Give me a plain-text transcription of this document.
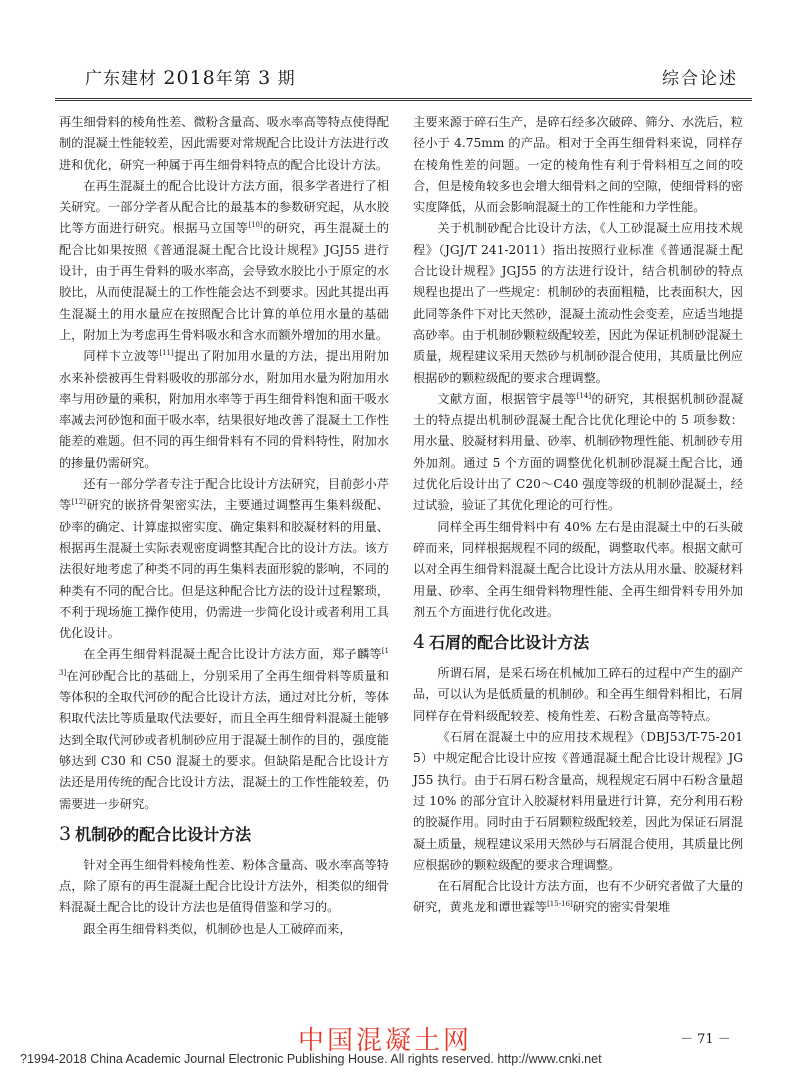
广东建材 2018年第 3 期	综合论述

再生细骨料的棱角性差、微粉含量高、吸水率高等特点使得配制的混凝土性能较差，因此需要对常规配合比设计方法进行改进和优化，研究一种属于再生细骨料特点的配合比设计方法。

在再生混凝土的配合比设计方法方面，很多学者进行了相关研究。一部分学者从配合比的最基本的参数研究起，从水胶比等方面进行研究。根据马立国等[10]的研究，再生混凝土的配合比如果按照《普通混凝土配合比设计规程》JGJ55 进行设计，由于再生骨料的吸水率高，会导致水胶比小于原定的水胶比，从而使混凝土的工作性能会达不到要求。因此其提出再生混凝土的用水量应在按照配合比计算的单位用水量的基础上，附加上为考虑再生骨料吸水和含水而额外增加的用水量。

同样卞立波等[11]提出了附加用水量的方法，提出用附加水来补偿被再生骨料吸收的那部分水，附加用水量为附加用水率与用砂量的乘积，附加用水率等于再生细骨料饱和面干吸水率减去河砂饱和面干吸水率，结果很好地改善了混凝土工作性能差的难题。但不同的再生细骨料有不同的骨料特性，附加水的掺量仍需研究。

还有一部分学者专注于配合比设计方法研究，目前彭小芹等[12]研究的嵌挤骨架密实法，主要通过调整再生集料级配、砂率的确定、计算虚拟密实度、确定集料和胶凝材料的用量、根据再生混凝土实际表观密度调整其配合比的设计方法。该方法很好地考虑了种类不同的再生集料表面形貌的影响，不同的种类有不同的配合比。但是这种配合比方法的设计过程繁琐，不利于现场施工操作使用，仍需进一步简化设计或者利用工具优化设计。

在全再生细骨料混凝土配合比设计方法方面，郑子麟等[13]在河砂配合比的基础上，分别采用了全再生细骨料等质量和等体积的全取代河砂的配合比设计方法，通过对比分析，等体积取代法比等质量取代法要好，而且全再生细骨料混凝土能够达到全取代河砂或者机制砂应用于混凝土制作的目的，强度能够达到 C30 和 C50 混凝土的要求。但缺陷是配合比设计方法还是用传统的配合比设计方法，混凝土的工作性能较差，仍需要进一步研究。

3 机制砂的配合比设计方法

针对全再生细骨料棱角性差、粉体含量高、吸水率高等特点，除了原有的再生混凝土配合比设计方法外，相类似的细骨料混凝土配合比的设计方法也是值得借鉴和学习的。

跟全再生细骨料类似，机制砂也是人工破碎而来，

主要来源于碎石生产，是碎石经多次破碎、筛分、水洗后，粒径小于 4.75mm 的产品。相对于全再生细骨料来说，同样存在棱角性差的问题。一定的棱角性有利于骨料相互之间的咬合，但是棱角较多也会增大细骨料之间的空隙，使细骨料的密实度降低，从而会影响混凝土的工作性能和力学性能。

关于机制砂配合比设计方法，《人工砂混凝土应用技术规程》（JGJ/T 241-2011）指出按照行业标准《普通混凝土配合比设计规程》JGJ55 的方法进行设计，结合机制砂的特点规程也提出了一些规定：机制砂的表面粗糙，比表面积大，因此同等条件下对比天然砂，混凝土流动性会变差，应适当地提高砂率。由于机制砂颗粒级配较差，因此为保证机制砂混凝土质量，规程建议采用天然砂与机制砂混合使用，其质量比例应根据砂的颗粒级配的要求合理调整。

文献方面，根据管宇晨等[14]的研究，其根据机制砂混凝土的特点提出机制砂混凝土配合比优化理论中的 5 项参数：用水量、胶凝材料用量、砂率、机制砂物理性能、机制砂专用外加剂。通过 5 个方面的调整优化机制砂混凝土配合比，通过优化后设计出了 C20～C40 强度等级的机制砂混凝土，经过试验，验证了其优化理论的可行性。

同样全再生细骨料中有 40% 左右是由混凝土中的石头破碎而来，同样根据规程不同的级配，调整取代率。根据文献可以对全再生细骨料混凝土配合比设计方法从用水量、胶凝材料用量、砂率、全再生细骨料物理性能、全再生细骨料专用外加剂五个方面进行优化改进。

4 石屑的配合比设计方法

所谓石屑，是采石场在机械加工碎石的过程中产生的副产品，可以认为是低质量的机制砂。和全再生细骨料相比，石屑同样存在骨料级配较差、棱角性差、石粉含量高等特点。

《石屑在混凝土中的应用技术规程》（DBJ53/T-75-2015）中规定配合比设计应按《普通混凝土配合比设计规程》JGJ55 执行。由于石屑石粉含量高，规程规定石屑中石粉含量超过 10% 的部分宜计入胶凝材料用量进行计算，充分利用石粉的胶凝作用。同时由于石屑颗粒级配较差，因此为保证石屑混凝土质量，规程建议采用天然砂与石屑混合使用，其质量比例应根据砂的颗粒级配的要求合理调整。

在石屑配合比设计方法方面，也有不少研究者做了大量的研究，黄兆龙和谭世霖等[15-16]研究的密实骨架堆

－ 71 －
中国混凝土网
?1994-2018 China Academic Journal Electronic Publishing House. All rights reserved. http://www.cnki.net
